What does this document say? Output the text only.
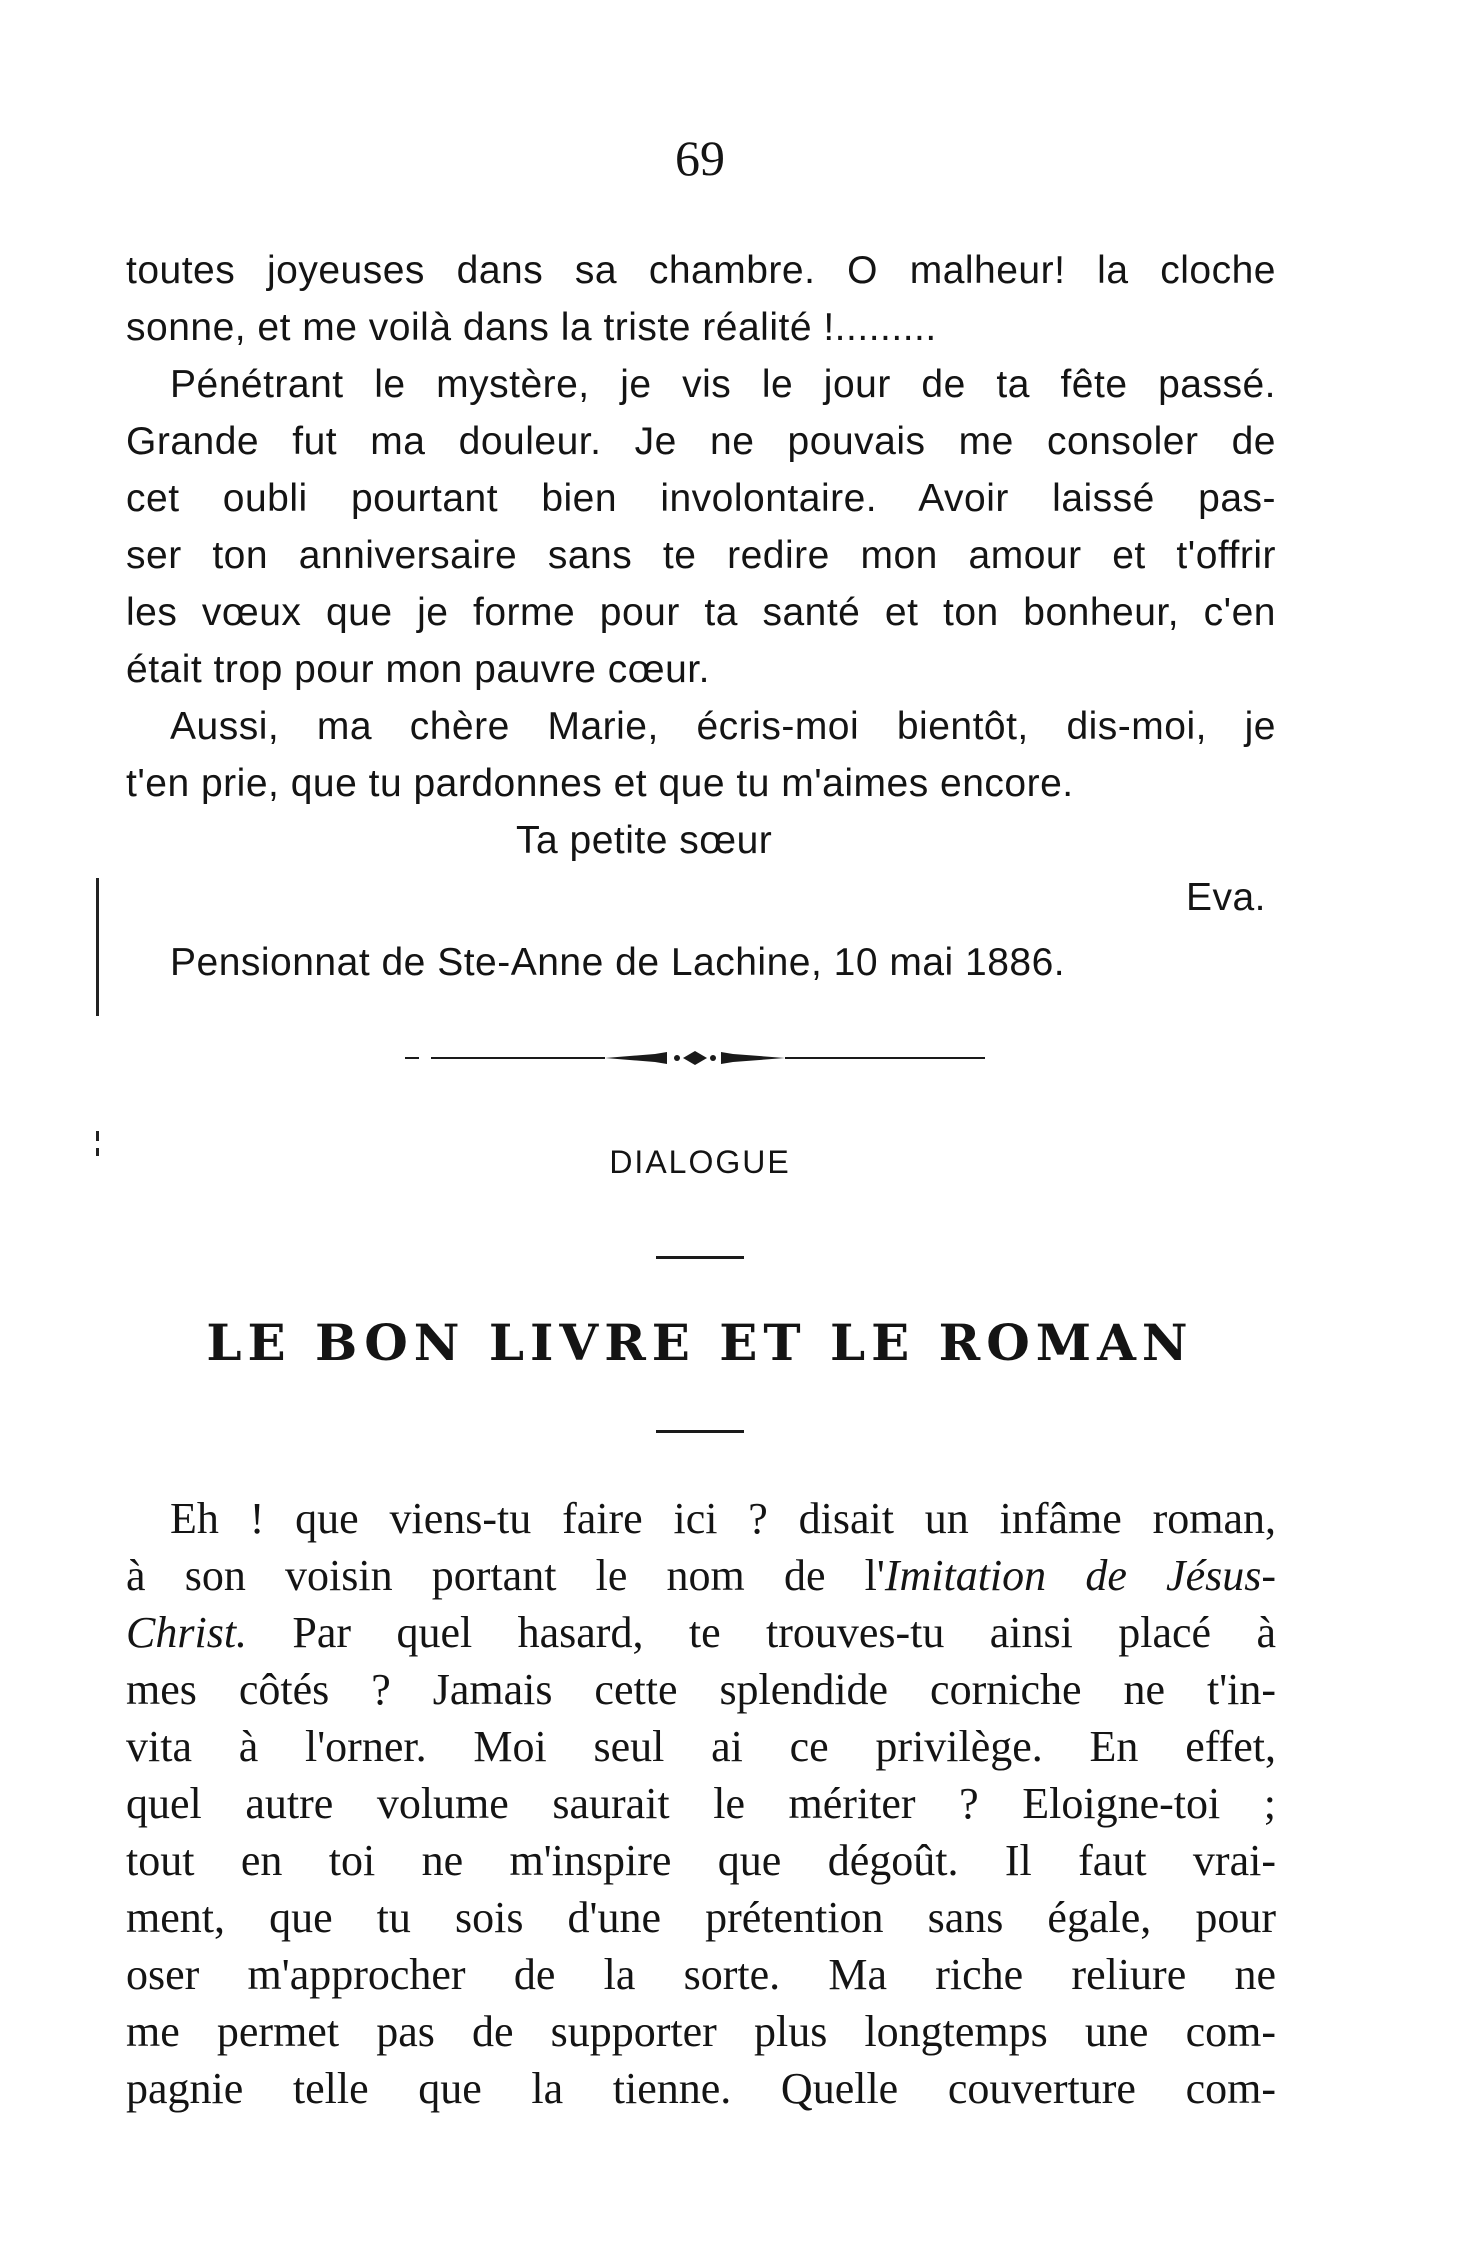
69
toutes joyeuses dans sa chambre. O malheur! la cloche
sonne, et me voilà dans la triste réalité !.........
Pénétrant le mystère, je vis le jour de ta fête passé.
Grande fut ma douleur. Je ne pouvais me consoler de
cet oubli pourtant bien involontaire. Avoir laissé pas-
ser ton anniversaire sans te redire mon amour et t'offrir
les vœux que je forme pour ta santé et ton bonheur, c'en
était trop pour mon pauvre cœur.
Aussi, ma chère Marie, écris-moi bientôt, dis-moi, je
t'en prie, que tu pardonnes et que tu m'aimes encore.
Ta petite sœur
Eva.
Pensionnat de Ste-Anne de Lachine, 10 mai 1886.
DIALOGUE
LE BON LIVRE ET LE ROMAN
Eh ! que viens-tu faire ici ? disait un infâme roman,
à son voisin portant le nom de l'Imitation de Jésus-
Christ. Par quel hasard, te trouves-tu ainsi placé à
mes côtés ? Jamais cette splendide corniche ne t'in-
vita à l'orner. Moi seul ai ce privilège. En effet,
quel autre volume saurait le mériter ? Eloigne-toi ;
tout en toi ne m'inspire que dégoût. Il faut vrai-
ment, que tu sois d'une prétention sans égale, pour
oser m'approcher de la sorte. Ma riche reliure ne
me permet pas de supporter plus longtemps une com-
pagnie telle que la tienne. Quelle couverture com-
